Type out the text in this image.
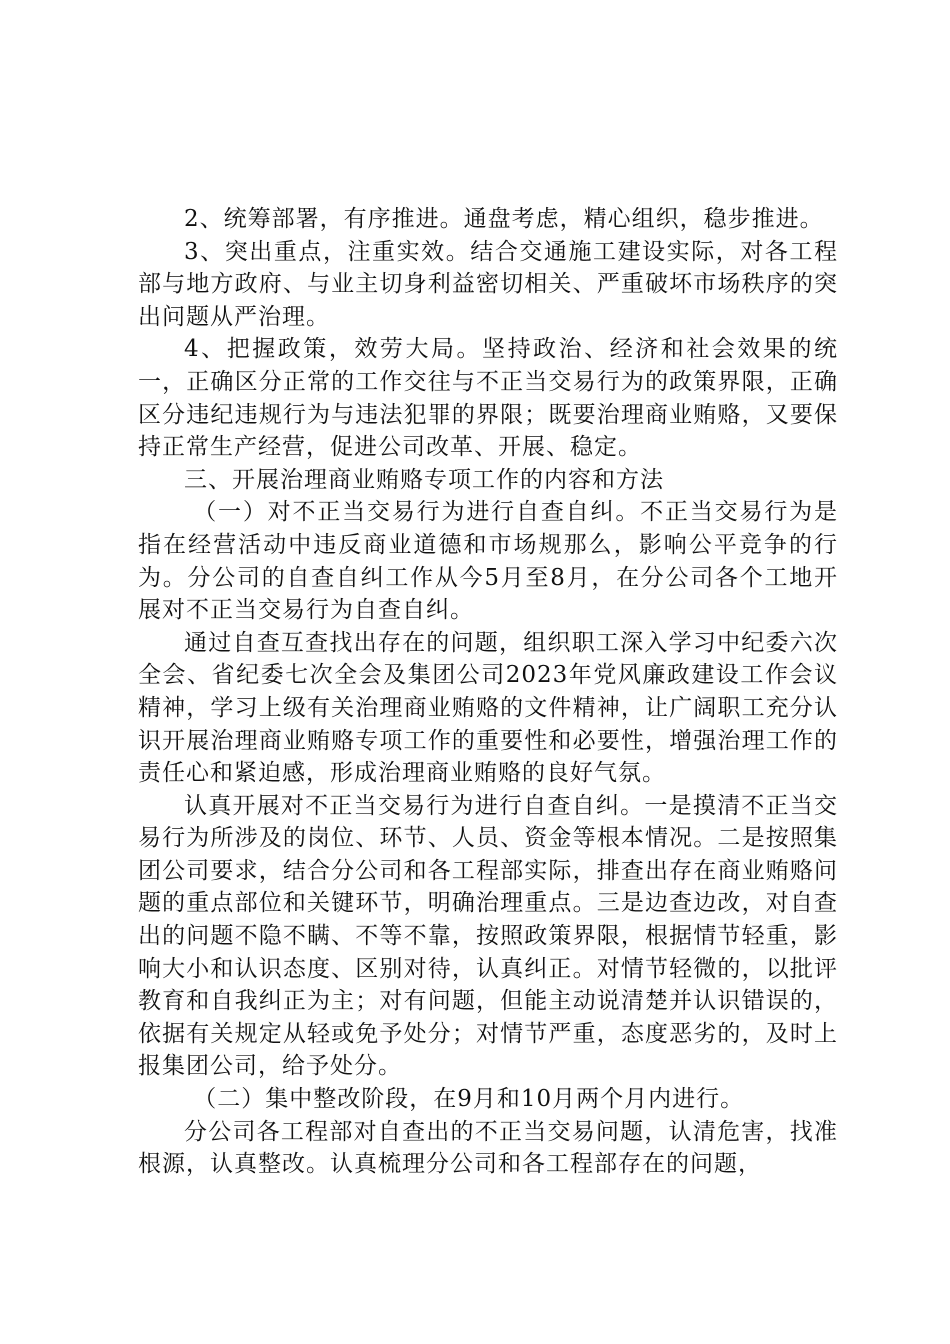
2、统筹部署，有序推进。通盘考虑，精心组织，稳步推进。

3、突出重点，注重实效。结合交通施工建设实际，对各工程部与地方政府、与业主切身利益密切相关、严重破坏市场秩序的突出问题从严治理。

4、把握政策，效劳大局。坚持政治、经济和社会效果的统一，正确区分正常的工作交往与不正当交易行为的政策界限，正确区分违纪违规行为与违法犯罪的界限；既要治理商业贿赂，又要保持正常生产经营，促进公司改革、开展、稳定。

三、开展治理商业贿赂专项工作的内容和方法

（一）对不正当交易行为进行自查自纠。不正当交易行为是指在经营活动中违反商业道德和市场规那么，影响公平竞争的行为。分公司的自查自纠工作从今5月至8月，在分公司各个工地开展对不正当交易行为自查自纠。

通过自查互查找出存在的问题，组织职工深入学习中纪委六次全会、省纪委七次全会及集团公司2023年党风廉政建设工作会议精神，学习上级有关治理商业贿赂的文件精神，让广阔职工充分认识开展治理商业贿赂专项工作的重要性和必要性，增强治理工作的责任心和紧迫感，形成治理商业贿赂的良好气氛。

认真开展对不正当交易行为进行自查自纠。一是摸清不正当交易行为所涉及的岗位、环节、人员、资金等根本情况。二是按照集团公司要求，结合分公司和各工程部实际，排查出存在商业贿赂问题的重点部位和关键环节，明确治理重点。三是边查边改，对自查出的问题不隐不瞒、不等不靠，按照政策界限，根据情节轻重，影响大小和认识态度、区别对待，认真纠正。对情节轻微的，以批评教育和自我纠正为主；对有问题，但能主动说清楚并认识错误的，依据有关规定从轻或免予处分；对情节严重，态度恶劣的，及时上报集团公司，给予处分。

（二）集中整改阶段，在9月和10月两个月内进行。

分公司各工程部对自查出的不正当交易问题，认清危害，找准根源，认真整改。认真梳理分公司和各工程部存在的问题，
